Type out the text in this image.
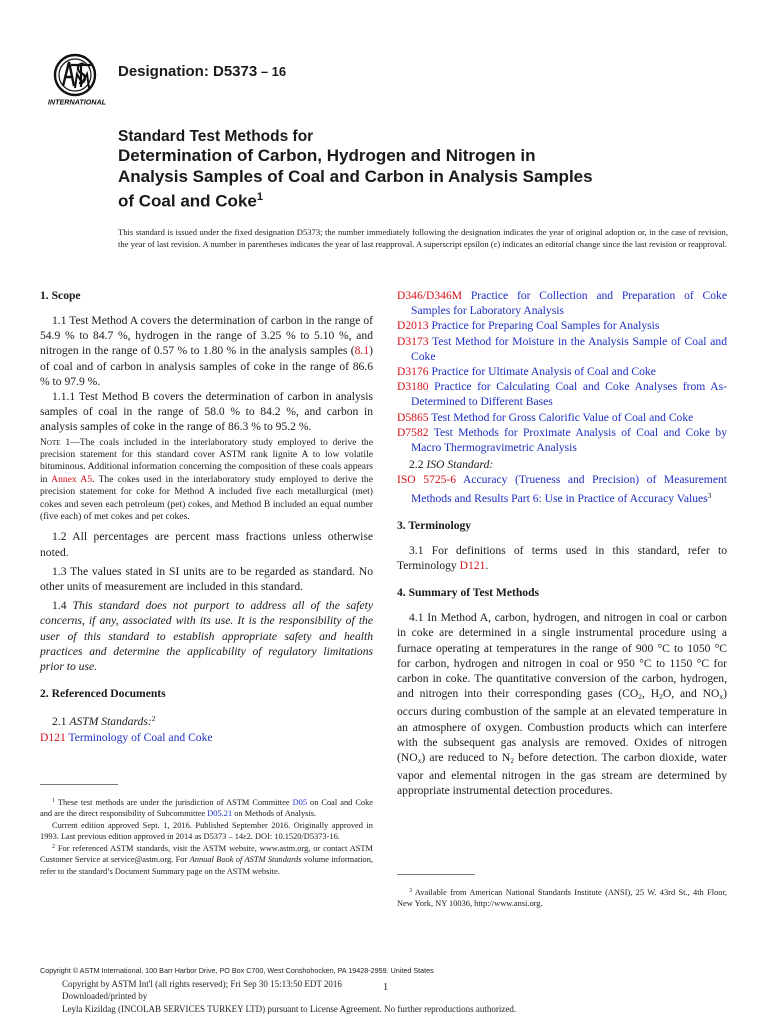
INTERNATIONAL
Designation: D5373 – 16
Standard Test Methods for
Determination of Carbon, Hydrogen and Nitrogen in
Analysis Samples of Coal and Carbon in Analysis Samples
of Coal and Coke$^1$
This standard is issued under the fixed designation D5373; the number immediately following the designation indicates the year of original adoption or, in the case of revision, the year of last revision. A number in parentheses indicates the year of last reapproval. A superscript epsilon (ε) indicates an editorial change since the last revision or reapproval.
1. Scope

1.1 Test Method A covers the determination of carbon in the range of 54.9 % to 84.7 %, hydrogen in the range of 3.25 % to 5.10 %, and nitrogen in the range of 0.57 % to 1.80 % in the analysis samples (8.1) of coal and of carbon in analysis samples of coke in the range of 86.6 % to 97.9 %.

1.1.1 Test Method B covers the determination of carbon in analysis samples of coal in the range of 58.0 % to 84.2 %, and carbon in analysis samples of coke in the range of 86.3 % to 95.2 %.

Note 1—The coals included in the interlaboratory study employed to derive the precision statement for this standard cover ASTM rank lignite A to low volatile bituminous. Additional information concerning the composition of these coals appears in Annex A5. The cokes used in the interlaboratory study employed to derive the precision statement for coke for Method A included five each metallurgical (met) cokes and seven each petroleum (pet) cokes, and Method B included an equal number (five each) of met cokes and pet cokes.

1.2 All percentages are percent mass fractions unless otherwise noted.

1.3 The values stated in SI units are to be regarded as standard. No other units of measurement are included in this standard.

1.4 This standard does not purport to address all of the safety concerns, if any, associated with its use. It is the responsibility of the user of this standard to establish appropriate safety and health practices and determine the applicability of regulatory limitations prior to use.

2. Referenced Documents

2.1 ASTM Standards:$^2$

D121 Terminology of Coal and Coke

$^1$ These test methods are under the jurisdiction of ASTM Committee D05 on Coal and Coke and are the direct responsibility of Subcommittee D05.21 on Methods of Analysis.
Current edition approved Sept. 1, 2016. Published September 2016. Originally approved in 1993. Last previous edition approved in 2014 as D5373 – 14ε2. DOI: 10.1520/D5373-16.
$^2$ For referenced ASTM standards, visit the ASTM website, www.astm.org, or contact ASTM Customer Service at service@astm.org. For Annual Book of ASTM Standards volume information, refer to the standard’s Document Summary page on the ASTM website.

D346/D346M Practice for Collection and Preparation of Coke Samples for Laboratory Analysis

D2013 Practice for Preparing Coal Samples for Analysis

D3173 Test Method for Moisture in the Analysis Sample of Coal and Coke

D3176 Practice for Ultimate Analysis of Coal and Coke

D3180 Practice for Calculating Coal and Coke Analyses from As-Determined to Different Bases

D5865 Test Method for Gross Calorific Value of Coal and Coke

D7582 Test Methods for Proximate Analysis of Coal and Coke by Macro Thermogravimetric Analysis

2.2 ISO Standard:

ISO 5725-6 Accuracy (Trueness and Precision) of Measurement Methods and Results Part 6: Use in Practice of Accuracy Values$^3$

3. Terminology

3.1 For definitions of terms used in this standard, refer to Terminology D121.

4. Summary of Test Methods

4.1 In Method A, carbon, hydrogen, and nitrogen in coal or carbon in coke are determined in a single instrumental procedure using a furnace operating at temperatures in the range of 900 °C to 1050 °C for carbon, hydrogen and nitrogen in coal or 950 °C to 1150 °C for carbon in coke. The quantitative conversion of the carbon, hydrogen, and nitrogen into their corresponding gases ($CO_2$, $H_2O$, and $NO_x$) occurs during combustion of the sample at an elevated temperature in an atmosphere of oxygen. Combustion products which can interfere with the subsequent gas analysis are removed. Oxides of nitrogen $(NO_x)$ are reduced to $N_2$ before detection. The carbon dioxide, water vapor and elemental nitrogen in the gas stream are determined by appropriate instrumental detection procedures.

$^3$ Available from American National Standards Institute (ANSI), 25 W. 43rd St., 4th Floor, New York, NY 10036, http://www.ansi.org.
Copyright © ASTM International, 100 Barr Harbor Drive, PO Box C700, West Conshohocken, PA 19428-2959. United States
Copyright by ASTM Int'l (all rights reserved); Fri Sep 30 15:13:50 EDT 2016
Downloaded/printed by
Leyla Kizildag (INCOLAB SERVICES TURKEY LTD) pursuant to License Agreement. No further reproductions authorized.
1
